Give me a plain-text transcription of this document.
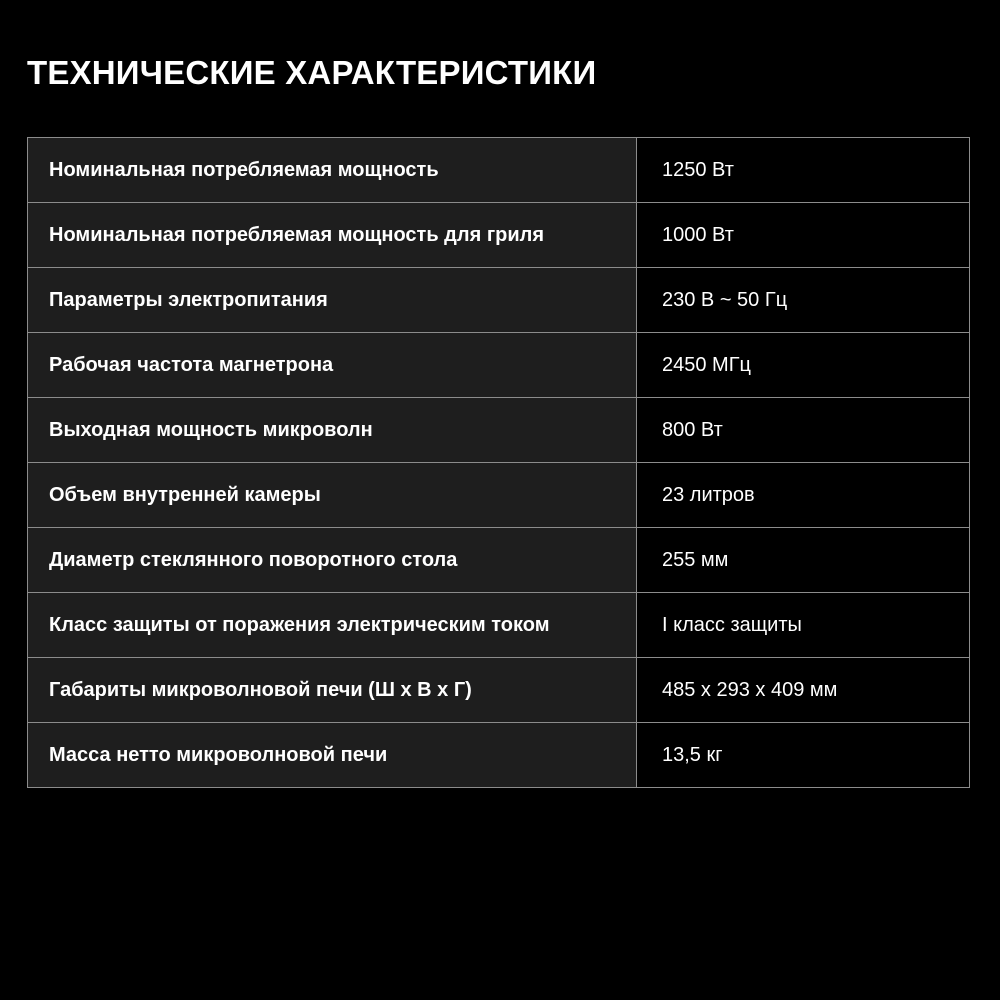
ТЕХНИЧЕСКИЕ ХАРАКТЕРИСТИКИ
Номинальная потребляемая мощность	1250 Вт
Номинальная потребляемая мощность для гриля	1000 Вт
Параметры электропитания	230 В ~ 50 Гц
Рабочая частота магнетрона	2450 МГц
Выходная мощность микроволн	800 Вт
Объем внутренней камеры	23 литров
Диаметр стеклянного поворотного стола	255 мм
Класс защиты от поражения электрическим током	I класс защиты
Габариты микроволновой печи (Ш х В х Г)	485 х 293 х 409 мм
Масса нетто микроволновой печи	13,5 кг
